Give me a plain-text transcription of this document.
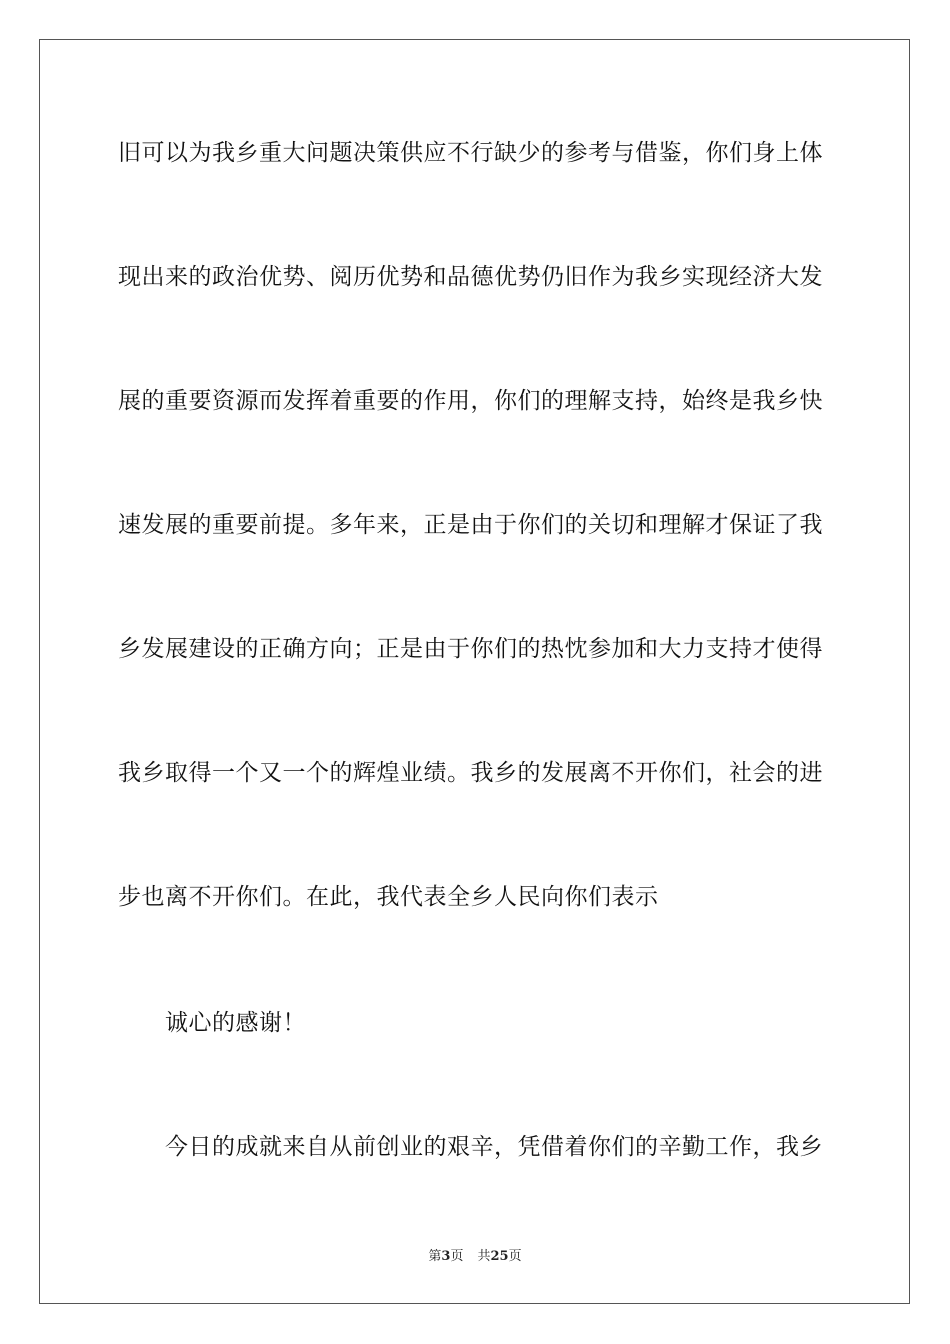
旧可以为我乡重大问题决策供应不行缺少的参考与借鉴，你们身上体
现出来的政治优势、阅历优势和品德优势仍旧作为我乡实现经济大发
展的重要资源而发挥着重要的作用，你们的理解支持，始终是我乡快
速发展的重要前提。多年来，正是由于你们的关切和理解才保证了我
乡发展建设的正确方向；正是由于你们的热忱参加和大力支持才使得
我乡取得一个又一个的辉煌业绩。我乡的发展离不开你们，社会的进
步也离不开你们。在此，我代表全乡人民向你们表示
诚心的感谢！
今日的成就来自从前创业的艰辛，凭借着你们的辛勤工作，我乡
第3页 共25页
